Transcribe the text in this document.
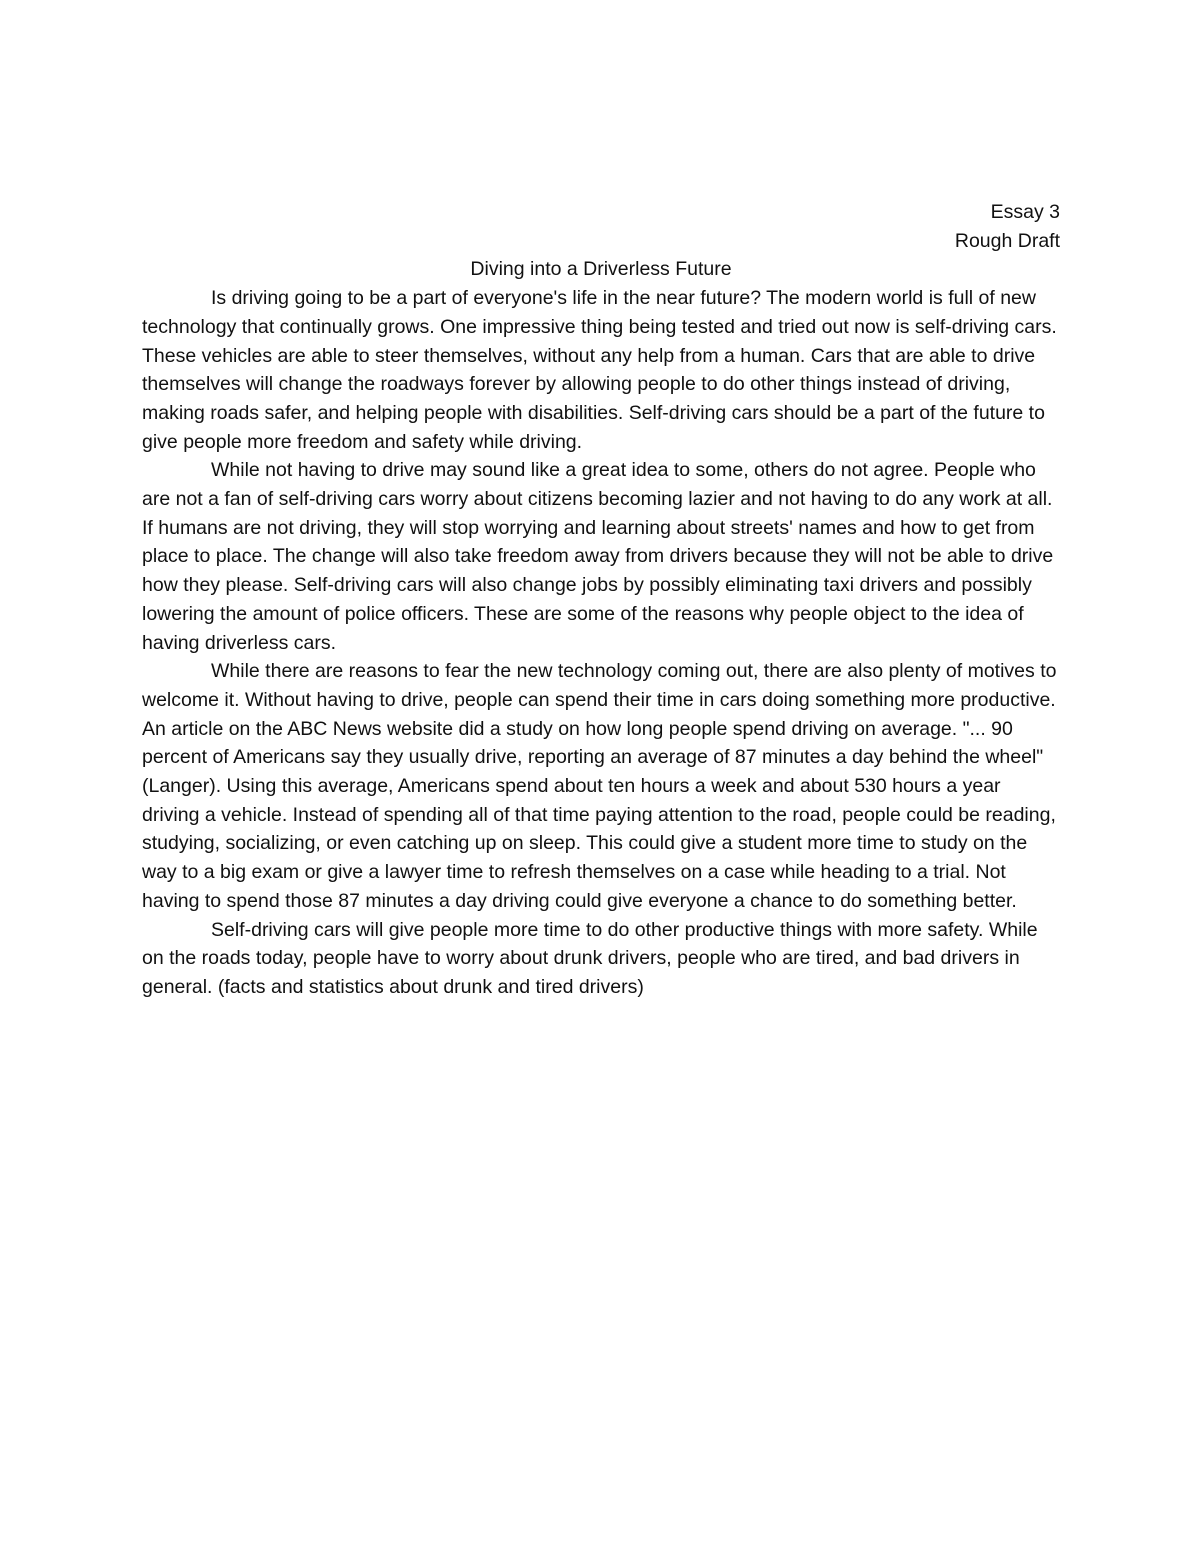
Essay 3

Rough Draft

Diving into a Driverless Future

Is driving going to be a part of everyone's life in the near future? The modern world is full of new technology that continually grows. One impressive thing being tested and tried out now is self-driving cars. These vehicles are able to steer themselves, without any help from a human. Cars that are able to drive themselves will change the roadways forever by allowing people to do other things instead of driving, making roads safer, and helping people with disabilities. Self-driving cars should be a part of the future to give people more freedom and safety while driving.

While not having to drive may sound like a great idea to some, others do not agree. People who are not a fan of self-driving cars worry about citizens becoming lazier and not having to do any work at all. If humans are not driving, they will stop worrying and learning about streets' names and how to get from place to place. The change will also take freedom away from drivers because they will not be able to drive how they please. Self-driving cars will also change jobs by possibly eliminating taxi drivers and possibly lowering the amount of police officers. These are some of the reasons why people object to the idea of having driverless cars.

While there are reasons to fear the new technology coming out, there are also plenty of motives to welcome it. Without having to drive, people can spend their time in cars doing something more productive. An article on the ABC News website did a study on how long people spend driving on average. "... 90 percent of Americans say they usually drive, reporting an average of 87 minutes a day behind the wheel" (Langer). Using this average, Americans spend about ten hours a week and about 530 hours a year driving a vehicle. Instead of spending all of that time paying attention to the road, people could be reading, studying, socializing, or even catching up on sleep. This could give a student more time to study on the way to a big exam or give a lawyer time to refresh themselves on a case while heading to a trial. Not having to spend those 87 minutes a day driving could give everyone a chance to do something better.

Self-driving cars will give people more time to do other productive things with more safety. While on the roads today, people have to worry about drunk drivers, people who are tired, and bad drivers in general. (facts and statistics about drunk and tired drivers)
